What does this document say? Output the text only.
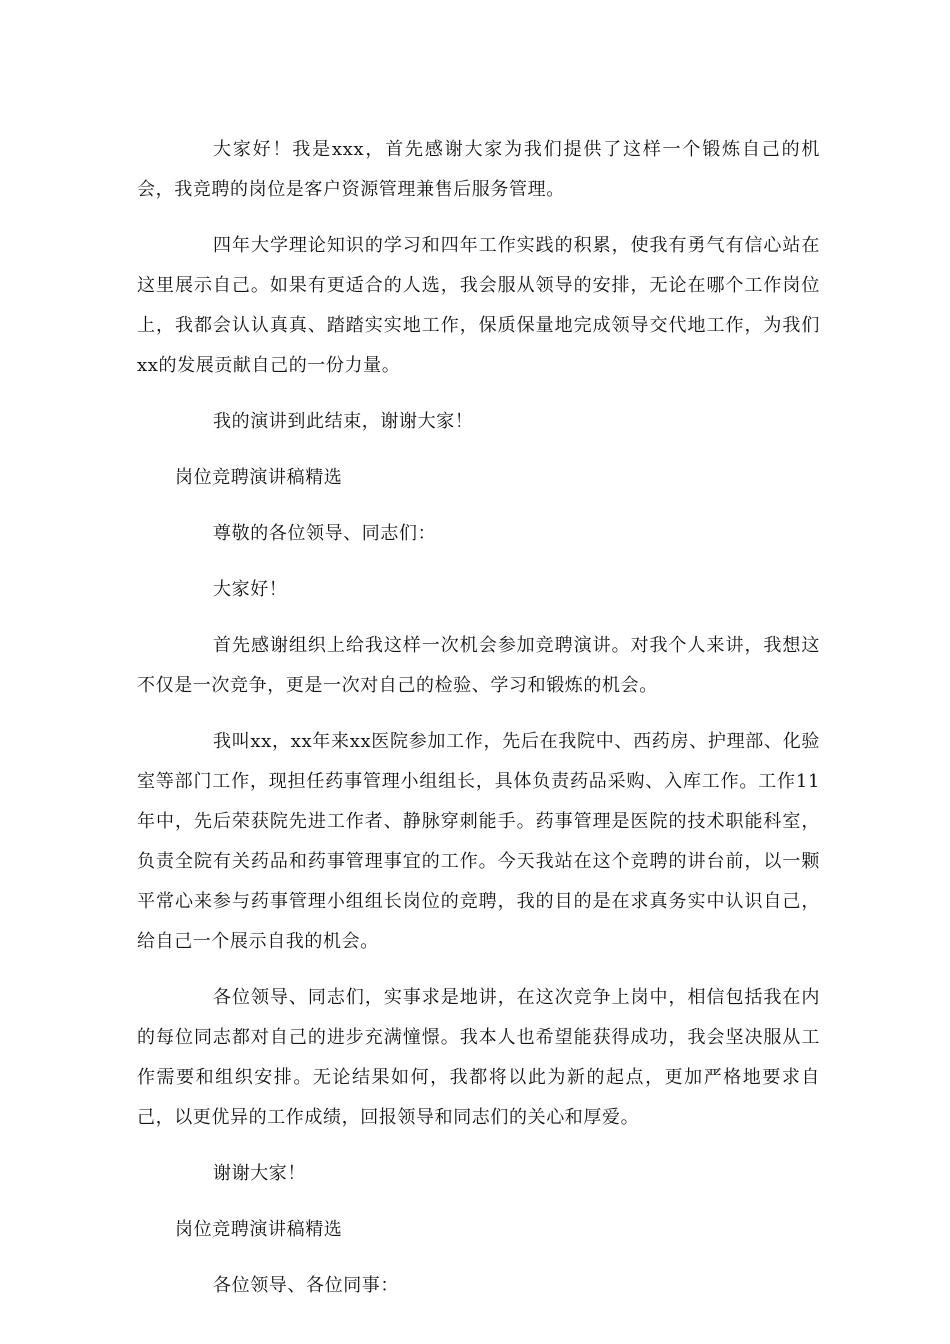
大家好！我是xxx，首先感谢大家为我们提供了这样一个锻炼自己的机会，我竞聘的岗位是客户资源管理兼售后服务管理。

四年大学理论知识的学习和四年工作实践的积累，使我有勇气有信心站在这里展示自己。如果有更适合的人选，我会服从领导的安排，无论在哪个工作岗位上，我都会认认真真、踏踏实实地工作，保质保量地完成领导交代地工作，为我们xx的发展贡献自己的一份力量。

我的演讲到此结束，谢谢大家！

岗位竞聘演讲稿精选

尊敬的各位领导、同志们：

大家好！

首先感谢组织上给我这样一次机会参加竞聘演讲。对我个人来讲，我想这不仅是一次竞争，更是一次对自己的检验、学习和锻炼的机会。

我叫xx，xx年来xx医院参加工作，先后在我院中、西药房、护理部、化验室等部门工作，现担任药事管理小组组长，具体负责药品采购、入库工作。工作11年中，先后荣获院先进工作者、静脉穿刺能手。药事管理是医院的技术职能科室，负责全院有关药品和药事管理事宜的工作。今天我站在这个竞聘的讲台前，以一颗平常心来参与药事管理小组组长岗位的竞聘，我的目的是在求真务实中认识自己，给自己一个展示自我的机会。

各位领导、同志们，实事求是地讲，在这次竞争上岗中，相信包括我在内的每位同志都对自己的进步充满憧憬。我本人也希望能获得成功，我会坚决服从工作需要和组织安排。无论结果如何，我都将以此为新的起点，更加严格地要求自己，以更优异的工作成绩，回报领导和同志们的关心和厚爱。

谢谢大家！

岗位竞聘演讲稿精选

各位领导、各位同事：
